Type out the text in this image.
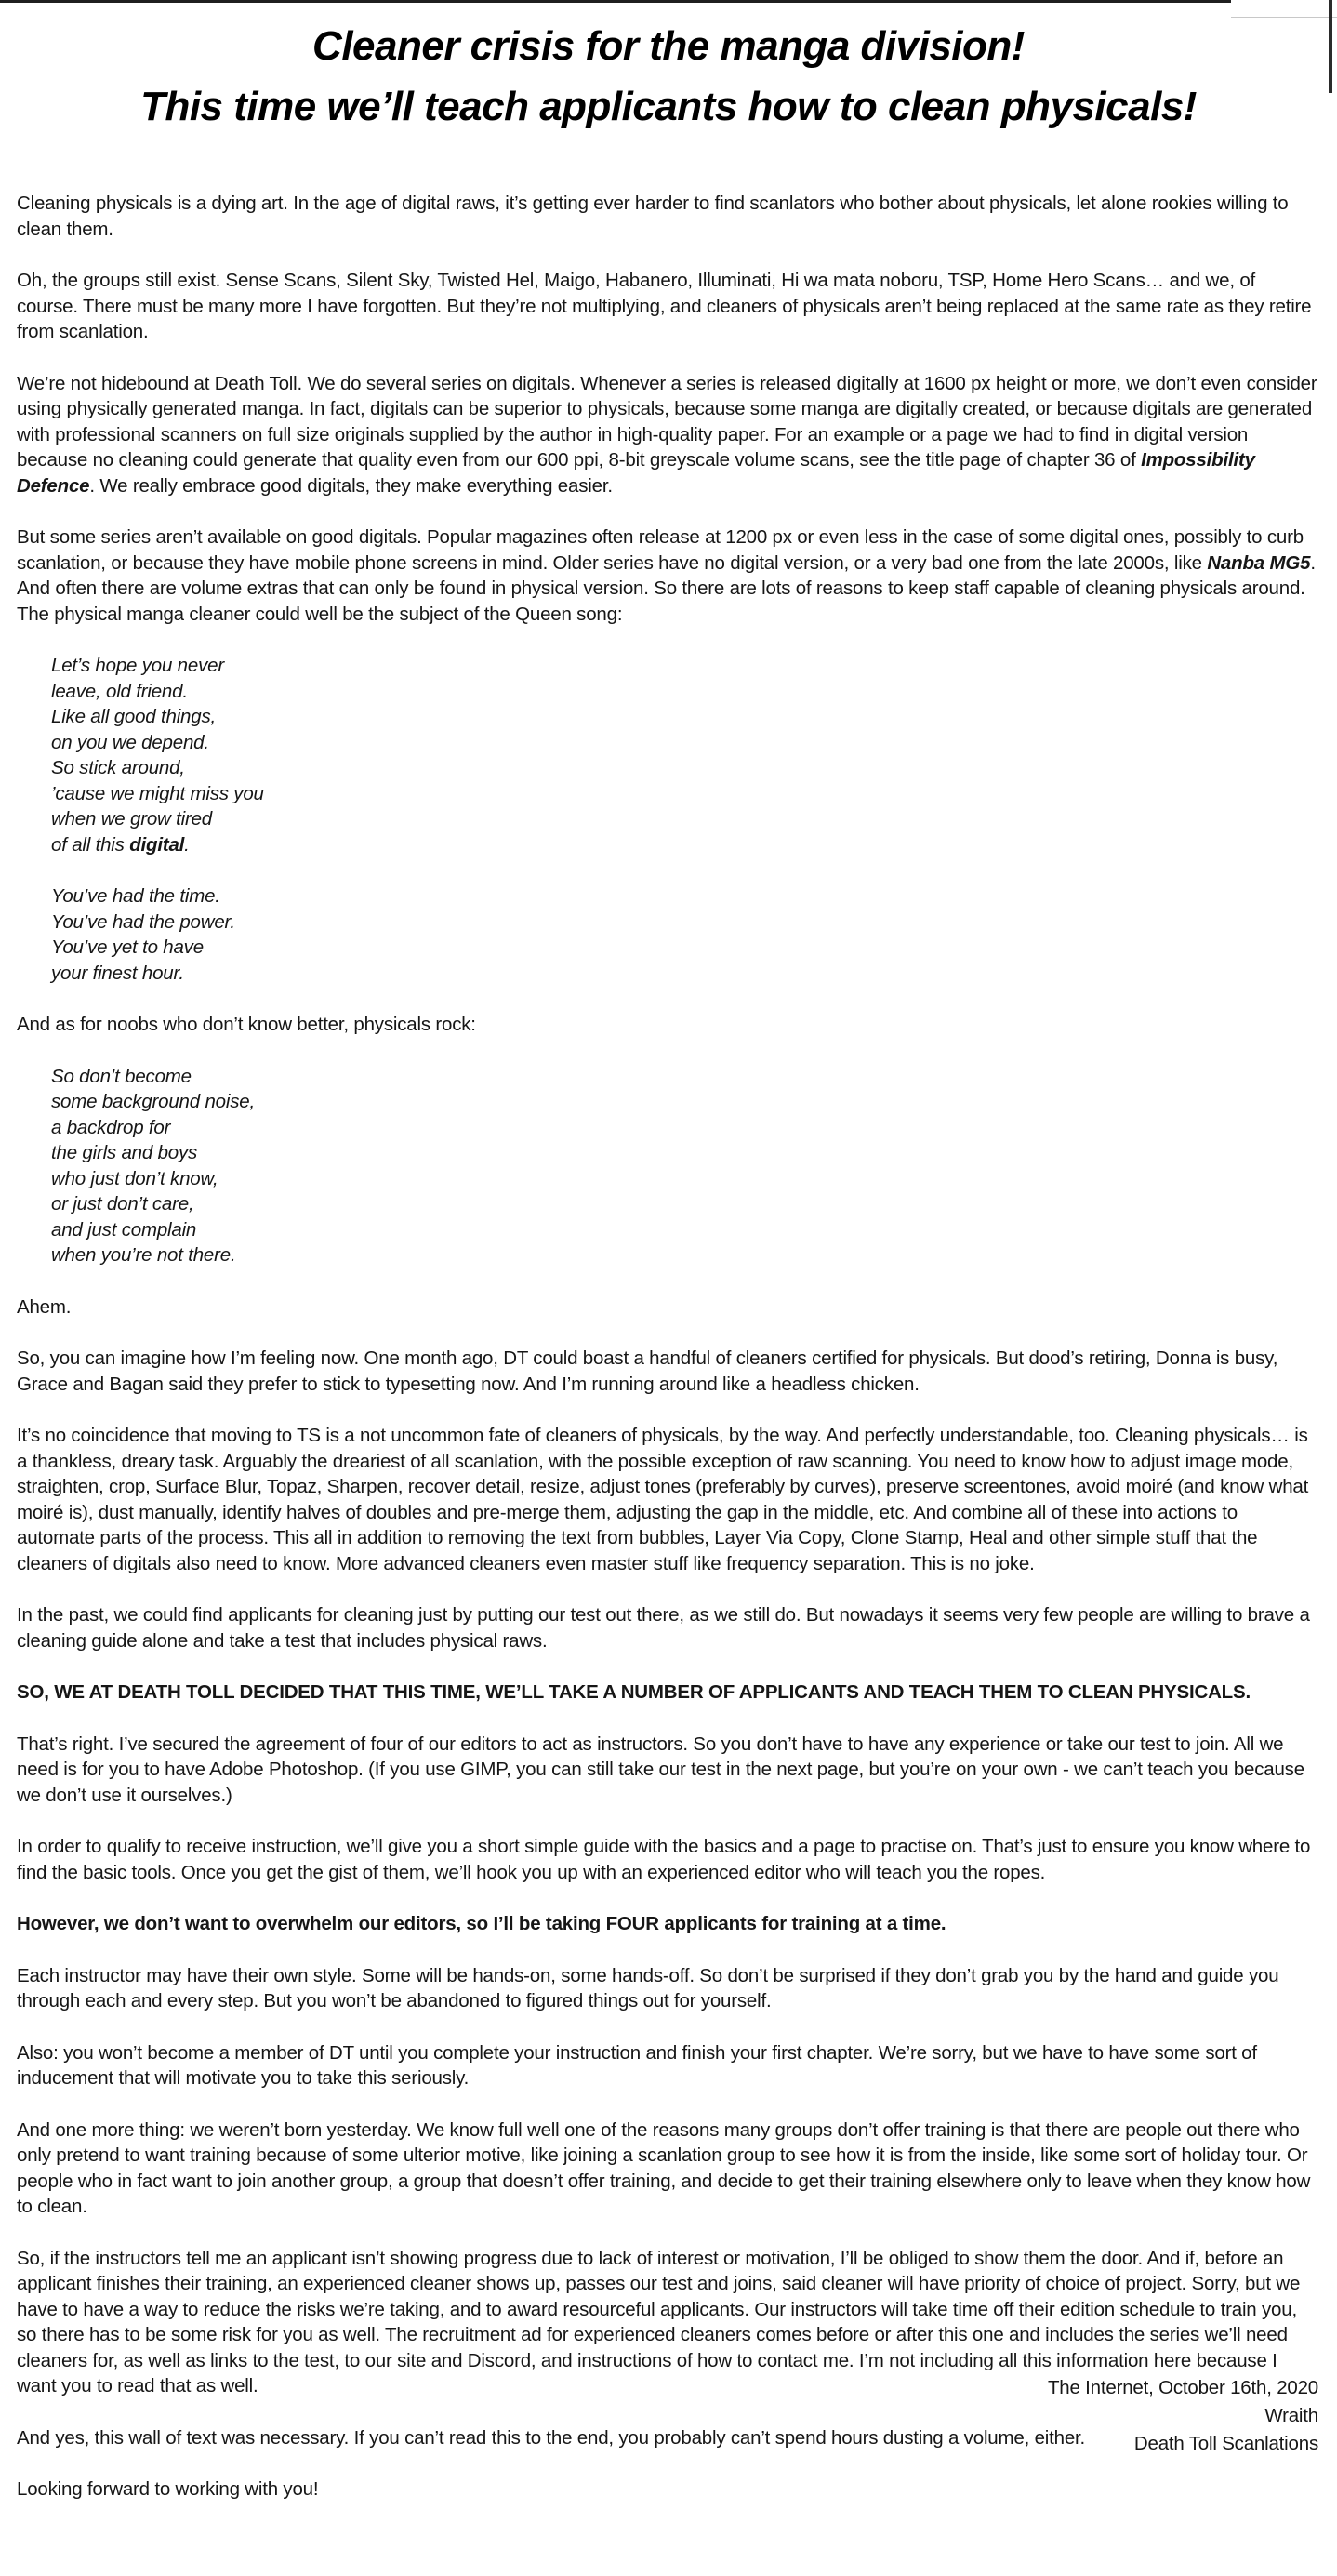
Cleaner crisis for the manga division!
This time we’ll teach applicants how to clean physicals!
Cleaning physicals is a dying art. In the age of digital raws, it’s getting ever harder to find scanlators who bother about physicals, let alone rookies willing to clean them.
Oh, the groups still exist. Sense Scans, Silent Sky, Twisted Hel, Maigo, Habanero, Illuminati, Hi wa mata noboru, TSP, Home Hero Scans… and we, of course. There must be many more I have forgotten. But they’re not multiplying, and cleaners of physicals aren’t being replaced at the same rate as they retire from scanlation.
We’re not hidebound at Death Toll. We do several series on digitals. Whenever a series is released digitally at 1600 px height or more, we don’t even consider using physically generated manga. In fact, digitals can be superior to physicals, because some manga are digitally created, or because digitals are generated with professional scanners on full size originals supplied by the author in high-quality paper. For an example or a page we had to find in digital version because no cleaning could generate that quality even from our 600 ppi, 8-bit greyscale volume scans, see the title page of chapter 36 of Impossibility Defence. We really embrace good digitals, they make everything easier.
But some series aren’t available on good digitals. Popular magazines often release at 1200 px or even less in the case of some digital ones, possibly to curb scanlation, or because they have mobile phone screens in mind. Older series have no digital version, or a very bad one from the late 2000s, like Nanba MG5. And often there are volume extras that can only be found in physical version. So there are lots of reasons to keep staff capable of cleaning physicals around. The physical manga cleaner could well be the subject of the Queen song:
Let’s hope you never
leave, old friend.
Like all good things,
on you we depend.
So stick around,
’cause we might miss you
when we grow tired
of all this digital.
You’ve had the time.
You’ve had the power.
You’ve yet to have
your finest hour.
And as for noobs who don’t know better, physicals rock:
So don’t become
some background noise,
a backdrop for
the girls and boys
who just don’t know,
or just don’t care,
and just complain
when you’re not there.
Ahem.
So, you can imagine how I’m feeling now. One month ago, DT could boast a handful of cleaners certified for physicals. But dood’s retiring, Donna is busy, Grace and Bagan said they prefer to stick to typesetting now. And I’m running around like a headless chicken.
It’s no coincidence that moving to TS is a not uncommon fate of cleaners of physicals, by the way. And perfectly understandable, too. Cleaning physicals… is a thankless, dreary task. Arguably the dreariest of all scanlation, with the possible exception of raw scanning. You need to know how to adjust image mode, straighten, crop, Surface Blur, Topaz, Sharpen, recover detail, resize, adjust tones (preferably by curves), preserve screentones, avoid moiré (and know what moiré is), dust manually, identify halves of doubles and pre-merge them, adjusting the gap in the middle, etc. And combine all of these into actions to automate parts of the process. This all in addition to removing the text from bubbles, Layer Via Copy, Clone Stamp, Heal and other simple stuff that the cleaners of digitals also need to know. More advanced cleaners even master stuff like frequency separation. This is no joke.
In the past, we could find applicants for cleaning just by putting our test out there, as we still do. But nowadays it seems very few people are willing to brave a cleaning guide alone and take a test that includes physical raws.
SO, WE AT DEATH TOLL DECIDED THAT THIS TIME, WE’LL TAKE A NUMBER OF APPLICANTS AND TEACH THEM TO CLEAN PHYSICALS.
That’s right. I’ve secured the agreement of four of our editors to act as instructors. So you don’t have to have any experience or take our test to join. All we need is for you to have Adobe Photoshop. (If you use GIMP, you can still take our test in the next page, but you’re on your own - we can’t teach you because we don’t use it ourselves.)
In order to qualify to receive instruction, we’ll give you a short simple guide with the basics and a page to practise on. That’s just to ensure you know where to find the basic tools. Once you get the gist of them, we’ll hook you up with an experienced editor who will teach you the ropes.
However, we don’t want to overwhelm our editors, so I’ll be taking FOUR applicants for training at a time.
Each instructor may have their own style. Some will be hands-on, some hands-off. So don’t be surprised if they don’t grab you by the hand and guide you through each and every step. But you won’t be abandoned to figured things out for yourself.
Also: you won’t become a member of DT until you complete your instruction and finish your first chapter. We’re sorry, but we have to have some sort of inducement that will motivate you to take this seriously.
And one more thing: we weren’t born yesterday. We know full well one of the reasons many groups don’t offer training is that there are people out there who only pretend to want training because of some ulterior motive, like joining a scanlation group to see how it is from the inside, like some sort of holiday tour. Or people who in fact want to join another group, a group that doesn’t offer training, and decide to get their training elsewhere only to leave when they know how to clean.
So, if the instructors tell me an applicant isn’t showing progress due to lack of interest or motivation, I’ll be obliged to show them the door. And if, before an applicant finishes their training, an experienced cleaner shows up, passes our test and joins, said cleaner will have priority of choice of project. Sorry, but we have to have a way to reduce the risks we’re taking, and to award resourceful applicants. Our instructors will take time off their edition schedule to train you, so there has to be some risk for you as well. The recruitment ad for experienced cleaners comes before or after this one and includes the series we’ll need cleaners for, as well as links to the test, to our site and Discord, and instructions of how to contact me. I’m not including all this information here because I want you to read that as well.
And yes, this wall of text was necessary. If you can’t read this to the end, you probably can’t spend hours dusting a volume, either.
Looking forward to working with you!
The Internet, October 16th, 2020
Wraith
Death Toll Scanlations
